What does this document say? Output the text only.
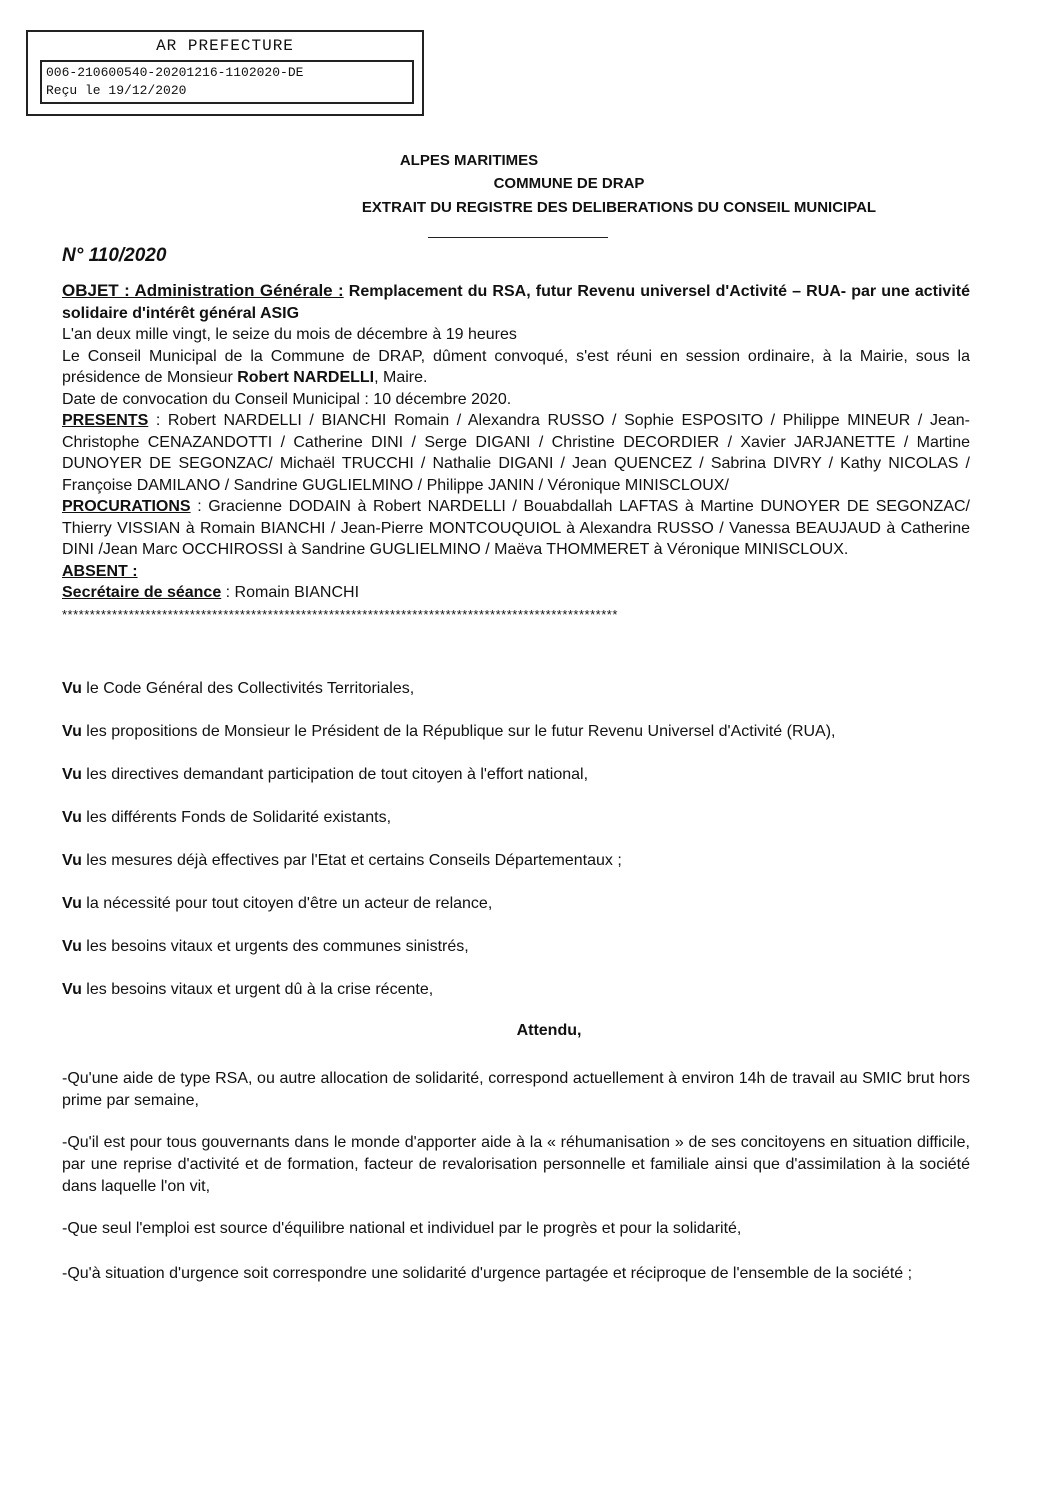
AR PREFECTURE
006-210600540-20201216-1102020-DE
Reçu le 19/12/2020
ALPES MARITIMES
COMMUNE DE DRAP
EXTRAIT DU REGISTRE DES DELIBERATIONS DU CONSEIL MUNICIPAL
N° 110/2020

OBJET : Administration Générale : Remplacement du RSA, futur Revenu universel d'Activité – RUA- par une activité solidaire d'intérêt général ASIG

L'an deux mille vingt, le seize du mois de décembre à 19 heures

Le Conseil Municipal de la Commune de DRAP, dûment convoqué, s'est réuni en session ordinaire, à la Mairie, sous la présidence de Monsieur Robert NARDELLI, Maire.

Date de convocation du Conseil Municipal : 10 décembre 2020.

PRESENTS : Robert NARDELLI / BIANCHI Romain / Alexandra RUSSO / Sophie ESPOSITO / Philippe MINEUR / Jean-Christophe CENAZANDOTTI / Catherine DINI / Serge DIGANI / Christine DECORDIER / Xavier JARJANETTE / Martine DUNOYER DE SEGONZAC/ Michaël TRUCCHI / Nathalie DIGANI / Jean QUENCEZ / Sabrina DIVRY / Kathy NICOLAS / Françoise DAMILANO / Sandrine GUGLIELMINO / Philippe JANIN / Véronique MINISCLOUX/

PROCURATIONS : Gracienne DODAIN à Robert NARDELLI / Bouabdallah LAFTAS à Martine DUNOYER DE SEGONZAC/ Thierry VISSIAN à Romain BIANCHI / Jean-Pierre MONTCOUQUIOL à Alexandra RUSSO / Vanessa BEAUJAUD à Catherine DINI /Jean Marc OCCHIROSSI à Sandrine GUGLIELMINO / Maëva THOMMERET à Véronique MINISCLOUX.

ABSENT :

Secrétaire de séance : Romain BIANCHI

****************************************************************************************************

Vu le Code Général des Collectivités Territoriales,
Vu les propositions de Monsieur le Président de la République sur le futur Revenu Universel d'Activité (RUA),
Vu les directives demandant participation de tout citoyen à l'effort national,
Vu les différents Fonds de Solidarité existants,
Vu les mesures déjà effectives par l'Etat et certains Conseils Départementaux ;
Vu la nécessité pour tout citoyen d'être un acteur de relance,
Vu les besoins vitaux et urgents des communes sinistrés,
Vu les besoins vitaux et urgent dû à la crise récente,
Attendu,
-Qu'une aide de type RSA, ou autre allocation de solidarité, correspond actuellement à environ 14h de travail au SMIC brut hors prime par semaine,
-Qu'il est pour tous gouvernants dans le monde d'apporter aide à la « réhumanisation » de ses concitoyens en situation difficile, par une reprise d'activité et de formation, facteur de revalorisation personnelle et familiale ainsi que d'assimilation à la société dans laquelle l'on vit,
-Que seul l'emploi est source d'équilibre national et individuel par le progrès et pour la solidarité,
-Qu'à situation d'urgence soit correspondre une solidarité d'urgence partagée et réciproque de l'ensemble de la société ;
